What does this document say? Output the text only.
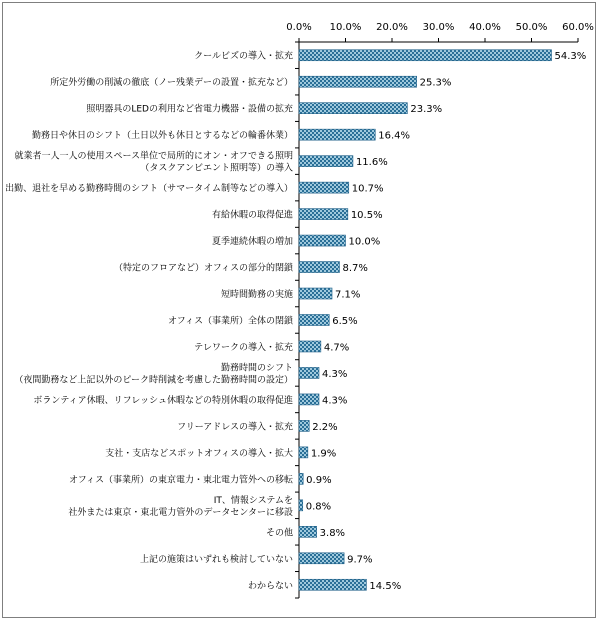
0.0% 10.0% 20.0% 30.0% 40.0% 50.0% 60.0%
54.3%
25.3%
23.3%
16.4%
11.6%
10.7%
10.5%
10.0%
8.7%
7.1%
6.5%
4.7%
4.3%
4.3%
2.2%
1.9%
0.9%
0.8%
3.8%
9.7%
14.5%
クールビズの導入・拡充
所定外労働の削減の徹底（ノー残業デーの設置・拡充など）
照明器具のLEDの利用など省電力機器・設備の拡充
勤務日や休日のシフト（土日以外も休日とするなどの輪番休業）
就業者一人一人の使用スペース単位で局所的にオン・オフできる照明
（タスクアンビエント照明等）の導入
出勤、退社を早める勤務時間のシフト（サマータイム制等などの導入）
有給休暇の取得促進
夏季連続休暇の増加
（特定のフロアなど）オフィスの部分的閉鎖
短時間勤務の実施
オフィス（事業所）全体の閉鎖
テレワークの導入・拡充
勤務時間のシフト
（夜間勤務など上記以外のピーク時削減を考慮した勤務時間の設定）
ボランティア休暇、リフレッシュ休暇などの特別休暇の取得促進
フリーアドレスの導入・拡充
支社・支店などスポットオフィスの導入・拡大
オフィス（事業所）の東京電力・東北電力管外への移転
IT、情報システムを
社外または東京・東北電力管外のデータセンターに移設
その他
上記の施策はいずれも検討していない
わからない
